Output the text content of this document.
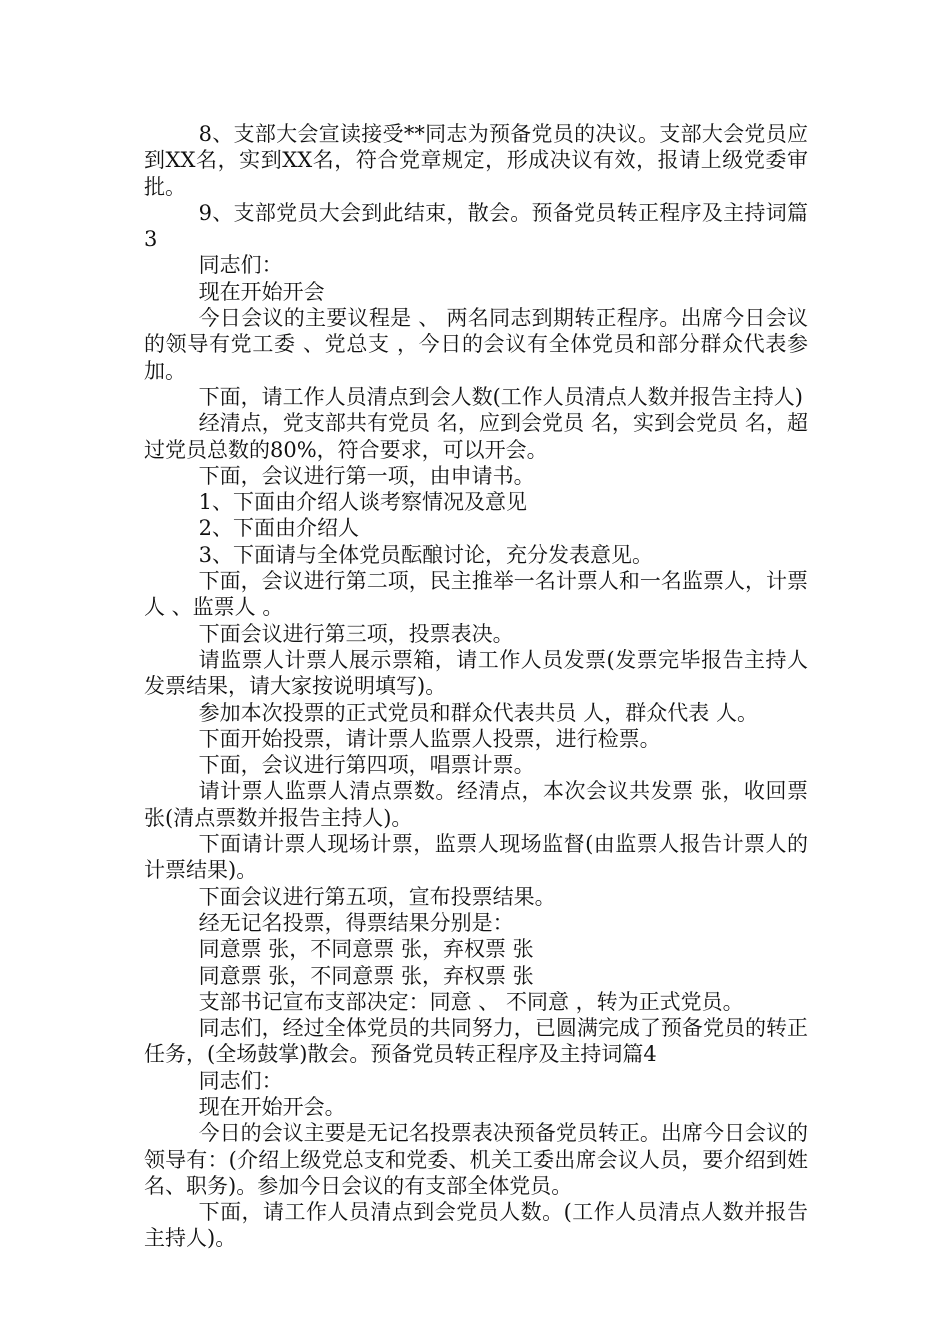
8、支部大会宣读接受**同志为预备党员的决议。支部大会党员应到XX名，实到XX名，符合党章规定，形成决议有效，报请上级党委审批。

9、支部党员大会到此结束，散会。预备党员转正程序及主持词篇3

同志们：

现在开始开会

今日会议的主要议程是 、 两名同志到期转正程序。出席今日会议的领导有党工委 、党总支 ，今日的会议有全体党员和部分群众代表参加。

下面，请工作人员清点到会人数(工作人员清点人数并报告主持人)

经清点，党支部共有党员 名，应到会党员 名，实到会党员 名，超过党员总数的80%，符合要求，可以开会。

下面，会议进行第一项，由申请书。

1、下面由介绍人谈考察情况及意见

2、下面由介绍人

3、下面请与全体党员酝酿讨论，充分发表意见。

下面，会议进行第二项，民主推举一名计票人和一名监票人，计票人 、监票人 。

下面会议进行第三项，投票表决。

请监票人计票人展示票箱，请工作人员发票(发票完毕报告主持人发票结果，请大家按说明填写)。

参加本次投票的正式党员和群众代表共员 人，群众代表 人。

下面开始投票，请计票人监票人投票，进行检票。

下面，会议进行第四项，唱票计票。

请计票人监票人清点票数。经清点，本次会议共发票 张，收回票 张(清点票数并报告主持人)。

下面请计票人现场计票，监票人现场监督(由监票人报告计票人的计票结果)。

下面会议进行第五项，宣布投票结果。

经无记名投票，得票结果分别是：

同意票 张，不同意票 张，弃权票 张

同意票 张，不同意票 张，弃权票 张

支部书记宣布支部决定：同意 、 不同意 ，转为正式党员。

同志们，经过全体党员的共同努力，已圆满完成了预备党员的转正任务，(全场鼓掌)散会。预备党员转正程序及主持词篇4

同志们：

现在开始开会。

今日的会议主要是无记名投票表决预备党员转正。出席今日会议的领导有：(介绍上级党总支和党委、机关工委出席会议人员，要介绍到姓名、职务)。参加今日会议的有支部全体党员。

下面，请工作人员清点到会党员人数。(工作人员清点人数并报告主持人)。
